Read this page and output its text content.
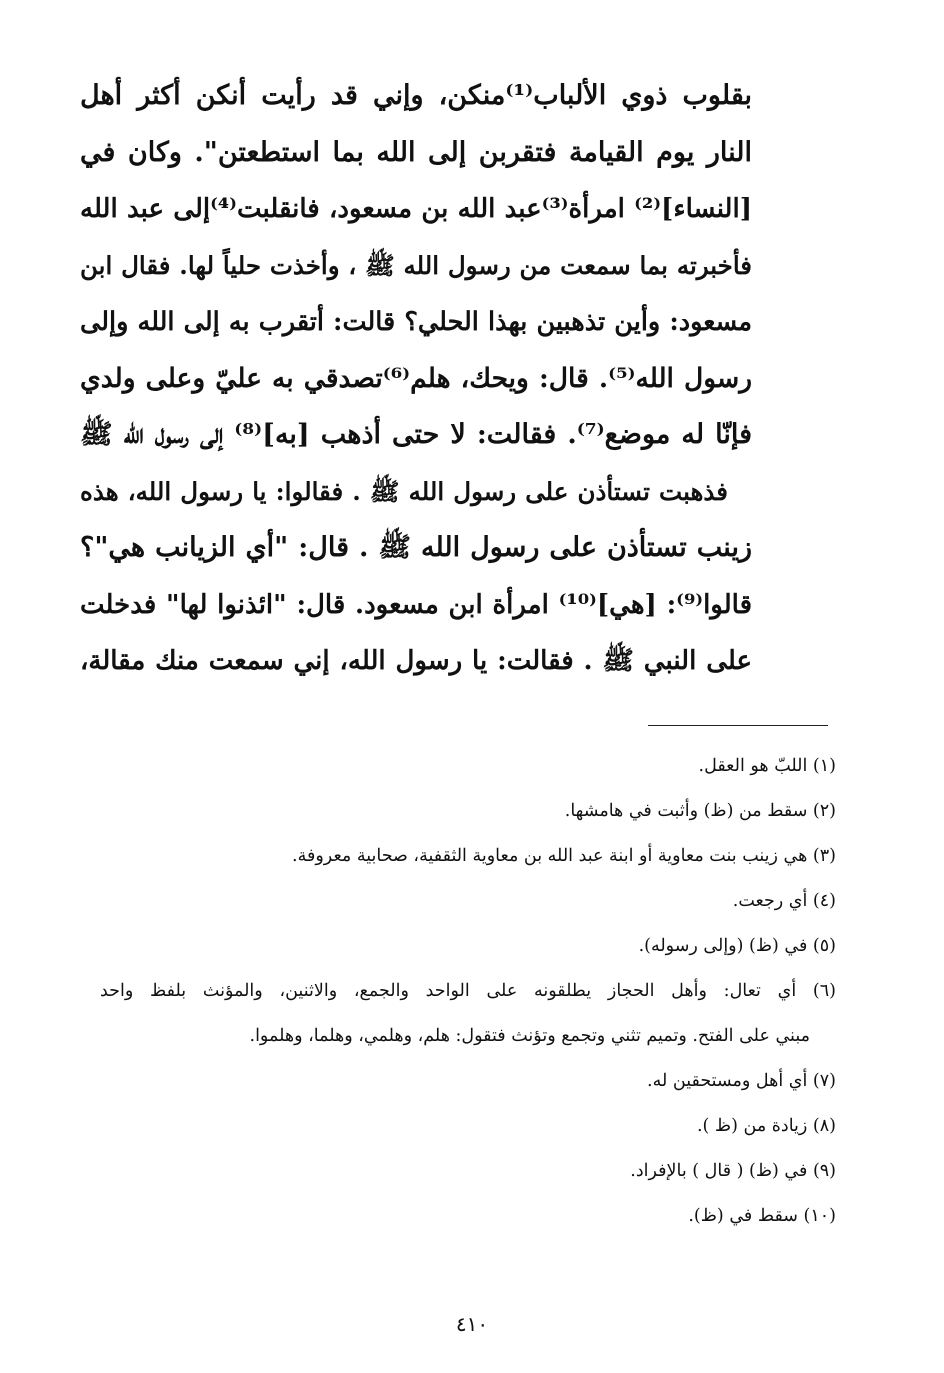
بقلوب ذوي الألباب⁽¹⁾منكن، وإني قد رأيت أنكن أكثر أهل
النار يوم القيامة فتقربن إلى الله بما استطعتن". وكان في
[النساء]⁽²⁾ امرأة⁽³⁾عبد الله بن مسعود، فانقلبت⁽⁴⁾إلى عبد الله
فأخبرته بما سمعت من رسول الله ﷺ ، وأخذت حلياً لها. فقال ابن
مسعود: وأين تذهبين بهذا الحلي؟ قالت: أتقرب به إلى الله وإلى
رسول الله⁽⁵⁾. قال: ويحك، هلم⁽⁶⁾تصدقي به عليّ وعلى ولدي
فإنّا له موضع⁽⁷⁾. فقالت: لا حتى أذهب [به]⁽⁸⁾ إلى رسول الله ﷺ
فذهبت تستأذن على رسول الله ﷺ . فقالوا: يا رسول الله، هذه
زينب تستأذن على رسول الله ﷺ . قال: "أي الزيانب هي"؟
قالوا⁽⁹⁾: [هي]⁽¹⁰⁾ امرأة ابن مسعود. قال: "ائذنوا لها" فدخلت
على النبي ﷺ . فقالت: يا رسول الله، إني سمعت منك مقالة،
(١) اللبّ هو العقل.
(٢) سقط من (ظ) وأثبت في هامشها.
(٣) هي زينب بنت معاوية أو ابنة عبد الله بن معاوية الثقفية، صحابية معروفة.
(٤) أي رجعت.
(٥) في (ظ) (وإلى رسوله).
(٦) أي تعال: وأهل الحجاز يطلقونه على الواحد والجمع، والاثنين، والمؤنث بلفظ واحد
مبني على الفتح. وتميم تثني وتجمع وتؤنث فتقول: هلم، وهلمي، وهلما، وهلموا.
(٧) أي أهل ومستحقين له.
(٨) زيادة من (ظ ).
(٩) في (ظ) ( قال ) بالإفراد.
(١٠) سقط في (ظ).
٤١٠
